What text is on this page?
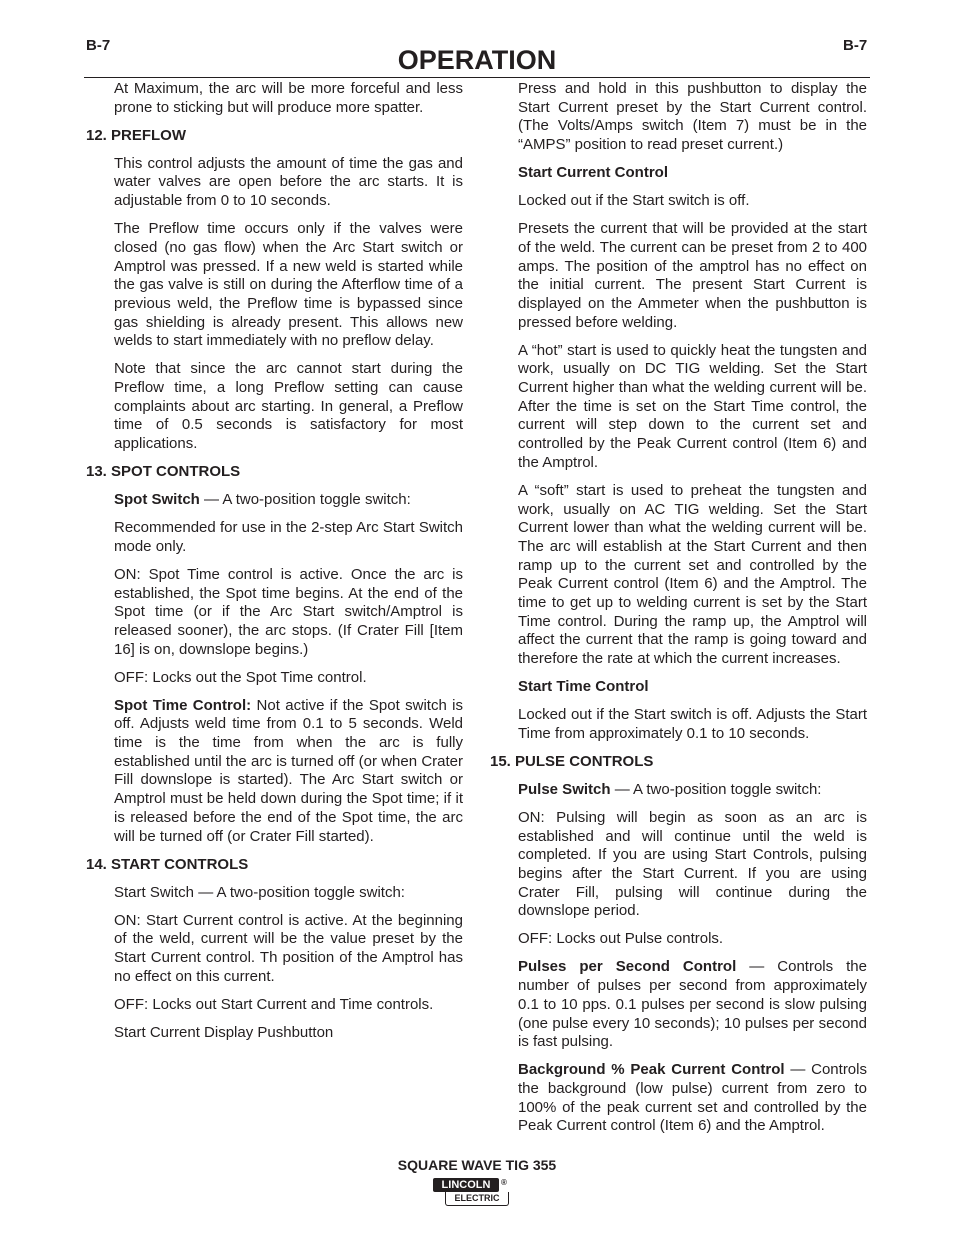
B-7	B-7
OPERATION

At Maximum, the arc will be more forceful and less prone to sticking but will produce more spatter.

12. PREFLOW

This control adjusts the amount of time the gas and water valves are open before the arc starts. It is adjustable from 0 to 10 seconds.

The Preflow time occurs only if the valves were closed (no gas flow) when the Arc Start switch or Amptrol was pressed. If a new weld is started while the gas valve is still on during the Afterflow time of a previous weld, the Preflow time is bypassed since gas shielding is already present. This allows new welds to start immediately with no preflow delay.

Note that since the arc cannot start during the Preflow time, a long Preflow setting can cause complaints about arc starting. In general, a Preflow time of 0.5 seconds is satisfactory for most applications.

13. SPOT CONTROLS

Spot Switch — A two-position toggle switch:

Recommended for use in the 2-step Arc Start Switch mode only.

ON: Spot Time control is active. Once the arc is established, the Spot time begins. At the end of the Spot time (or if the Arc Start switch/Amptrol is released sooner), the arc stops. (If Crater Fill [Item 16] is on, downslope begins.)

OFF: Locks out the Spot Time control.

Spot Time Control: Not active if the Spot switch is off. Adjusts weld time from 0.1 to 5 seconds. Weld time is the time from when the arc is fully established until the arc is turned off (or when Crater Fill downslope is started). The Arc Start switch or Amptrol must be held down during the Spot time; if it is released before the end of the Spot time, the arc will be turned off (or Crater Fill started).

14. START CONTROLS

Start Switch — A two-position toggle switch:

ON: Start Current control is active. At the beginning of the weld, current will be the value preset by the Start Current control. Th position of the Amptrol has no effect on this current.

OFF: Locks out Start Current and Time controls.

Start Current Display Pushbutton

Press and hold in this pushbutton to display the Start Current preset by the Start Current control. (The Volts/Amps switch (Item 7) must be in the “AMPS” position to read preset current.)

Start Current Control

Locked out if the Start switch is off.

Presets the current that will be provided at the start of the weld. The current can be preset from 2 to 400 amps. The position of the amptrol has no effect on the initial current. The present Start Current is displayed on the Ammeter when the pushbutton is pressed before welding.

A “hot” start is used to quickly heat the tungsten and work, usually on DC TIG welding. Set the Start Current higher than what the welding current will be. After the time is set on the Start Time control, the current will step down to the current set and controlled by the Peak Current control (Item 6) and the Amptrol.

A “soft” start is used to preheat the tungsten and work, usually on AC TIG welding. Set the Start Current lower than what the welding current will be. The arc will establish at the Start Current and then ramp up to the current set and controlled by the Peak Current control (Item 6) and the Amptrol. The time to get up to welding current is set by the Start Time control. During the ramp up, the Amptrol will affect the current that the ramp is going toward and therefore the rate at which the current increases.

Start Time Control

Locked out if the Start switch is off. Adjusts the Start Time from approximately 0.1 to 10 seconds.

15. PULSE CONTROLS

Pulse Switch — A two-position toggle switch:

ON: Pulsing will begin as soon as an arc is established and will continue until the weld is completed. If you are using Start Controls, pulsing begins after the Start Current. If you are using Crater Fill, pulsing will continue during the downslope period.

OFF: Locks out Pulse controls.

Pulses per Second Control — Controls the number of pulses per second from approximately 0.1 to 10 pps. 0.1 pulses per second is slow pulsing (one pulse every 10 seconds); 10 pulses per second is fast pulsing.

Background % Peak Current Control — Controls the background (low pulse) current from zero to 100% of the peak current set and controlled by the Peak Current control (Item 6) and the Amptrol.

SQUARE WAVE TIG 355
LINCOLN
ELECTRIC
®
